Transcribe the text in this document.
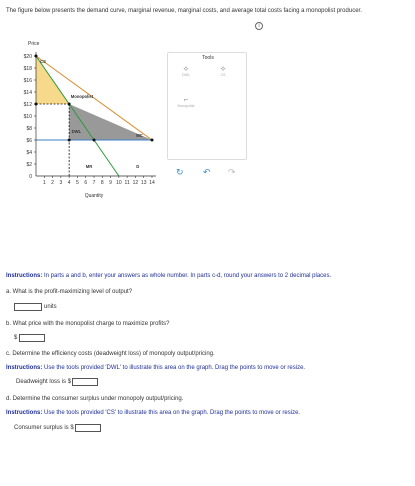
The figure below presents the demand curve, marginal revenue, marginal costs, and average total costs facing a monopolist producer.
i
$20
$18
$16
$14
$12
$10
$8
$6
$4
$2
1 2 3 4 5 6 7 8 9 10 11 12 13 14
0
Price
Quantity
CS
Monopolist
DWL
MC
MR	D
Tools
⟡
DWL
⟡
CS
⌐
Monopolist
↻ ↶ ↷
Instructions: In parts a and b, enter your answers as whole number. In parts c-d, round your answers to 2 decimal places.
a. What is the profit-maximizing level of output?
units
b. What price with the monopolist charge to maximize profits?
$
c. Determine the efficiency costs (deadweight loss) of monopoly output/pricing.
Instructions: Use the tools provided 'DWL' to illustrate this area on the graph. Drag the points to move or resize.
Deadweight loss is $
d. Determine the consumer surplus under monopoly output/pricing.
Instructions: Use the tools provided 'CS' to illustrate this area on the graph. Drag the points to move or resize.
Consumer surplus is $
